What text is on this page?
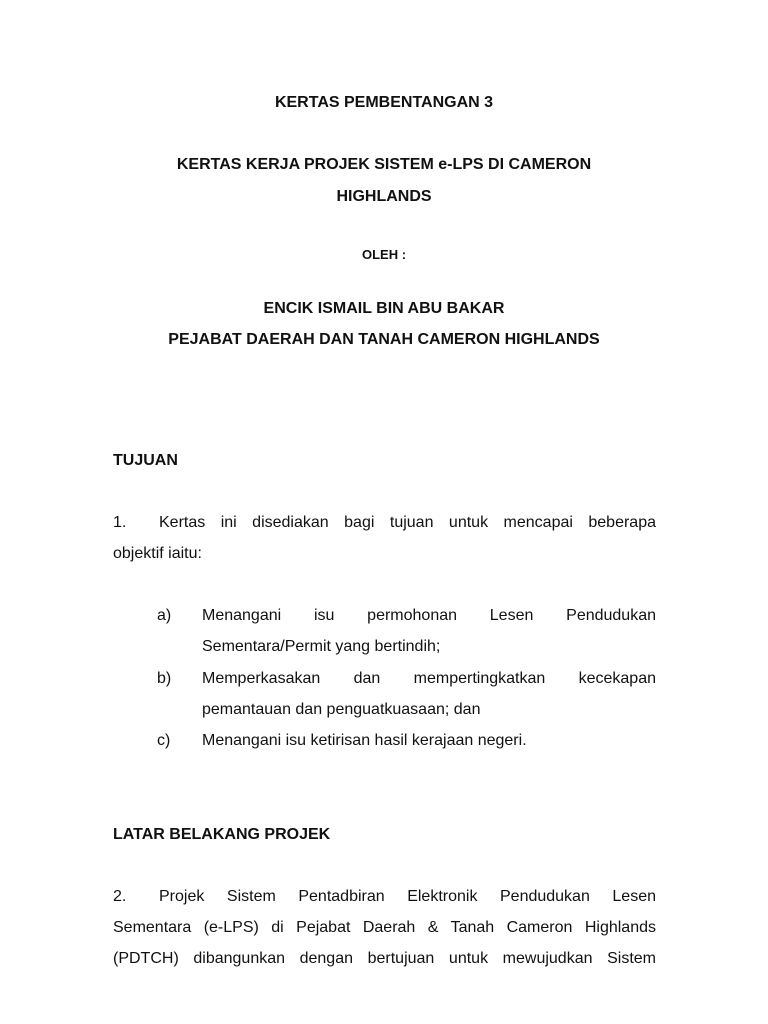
KERTAS PEMBENTANGAN 3
KERTAS KERJA PROJEK SISTEM e-LPS DI CAMERON
HIGHLANDS
OLEH :
ENCIK ISMAIL BIN ABU BAKAR
PEJABAT DAERAH DAN TANAH CAMERON HIGHLANDS
TUJUAN
1. Kertas ini disediakan bagi tujuan untuk mencapai beberapa
objektif iaitu:
a) Menangani isu permohonan Lesen Pendudukan
Sementara/Permit yang bertindih;
b) Memperkasakan dan mempertingkatkan kecekapan
pemantauan dan penguatkuasaan; dan
c) Menangani isu ketirisan hasil kerajaan negeri.
LATAR BELAKANG PROJEK
2. Projek Sistem Pentadbiran Elektronik Pendudukan Lesen
Sementara (e-LPS) di Pejabat Daerah & Tanah Cameron Highlands
(PDTCH) dibangunkan dengan bertujuan untuk mewujudkan Sistem
